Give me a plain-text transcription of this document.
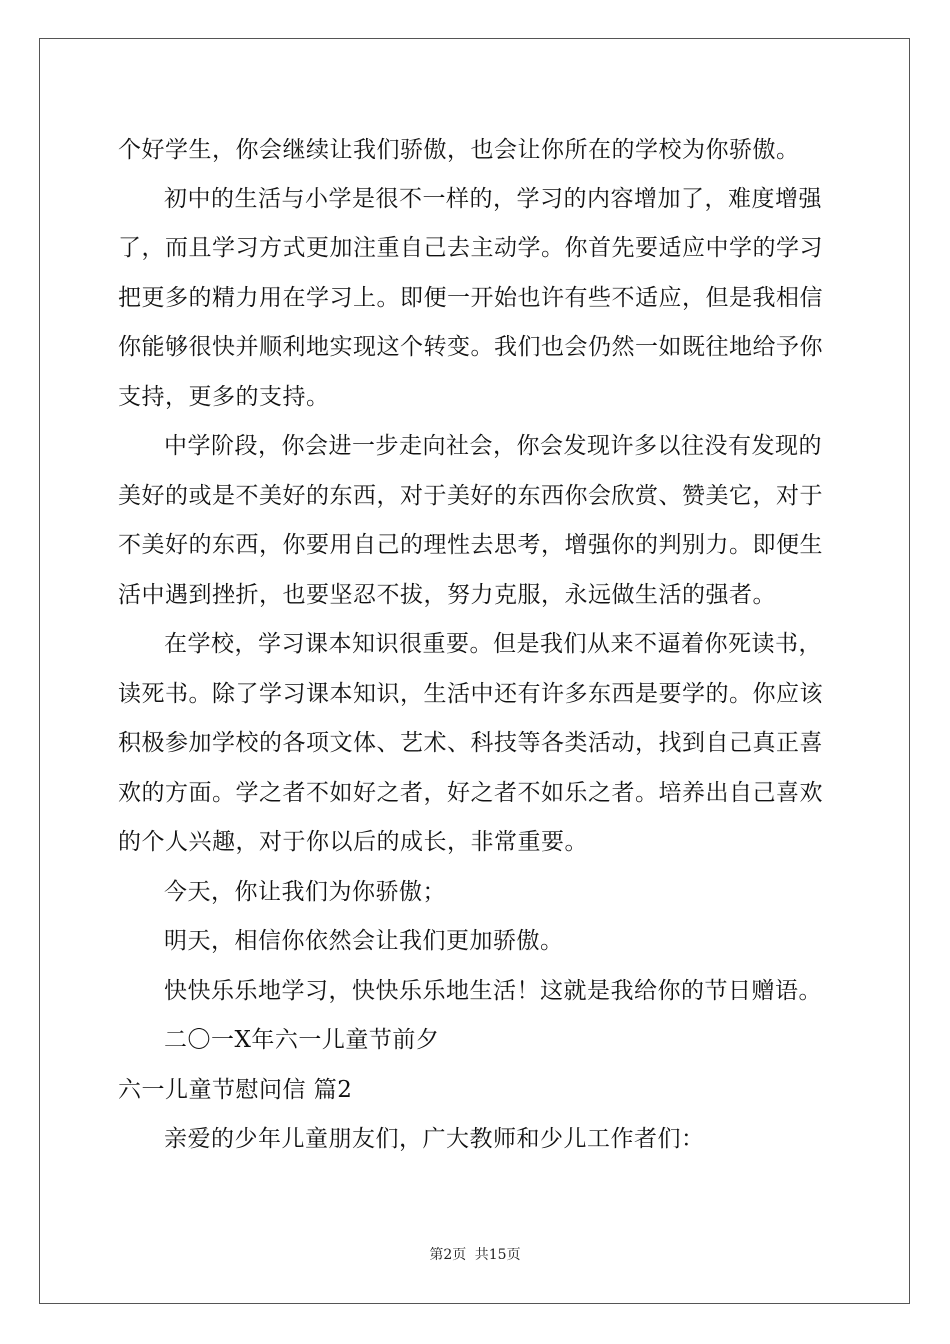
个好学生，你会继续让我们骄傲，也会让你所在的学校为你骄傲。
初中的生活与小学是很不一样的，学习的内容增加了，难度增强
了，而且学习方式更加注重自己去主动学。你首先要适应中学的学习
把更多的精力用在学习上。即便一开始也许有些不适应，但是我相信
你能够很快并顺利地实现这个转变。我们也会仍然一如既往地给予你
支持，更多的支持。
中学阶段，你会进一步走向社会，你会发现许多以往没有发现的
美好的或是不美好的东西，对于美好的东西你会欣赏、赞美它，对于
不美好的东西，你要用自己的理性去思考，增强你的判别力。即便生
活中遇到挫折，也要坚忍不拔，努力克服，永远做生活的强者。
在学校，学习课本知识很重要。但是我们从来不逼着你死读书，
读死书。除了学习课本知识，生活中还有许多东西是要学的。你应该
积极参加学校的各项文体、艺术、科技等各类活动，找到自己真正喜
欢的方面。学之者不如好之者，好之者不如乐之者。培养出自己喜欢
的个人兴趣，对于你以后的成长，非常重要。
今天，你让我们为你骄傲；
明天，相信你依然会让我们更加骄傲。
快快乐乐地学习，快快乐乐地生活！这就是我给你的节日赠语。
二〇一X年六一儿童节前夕
六一儿童节慰问信 篇2
亲爱的少年儿童朋友们，广大教师和少儿工作者们：
第2页 共15页
